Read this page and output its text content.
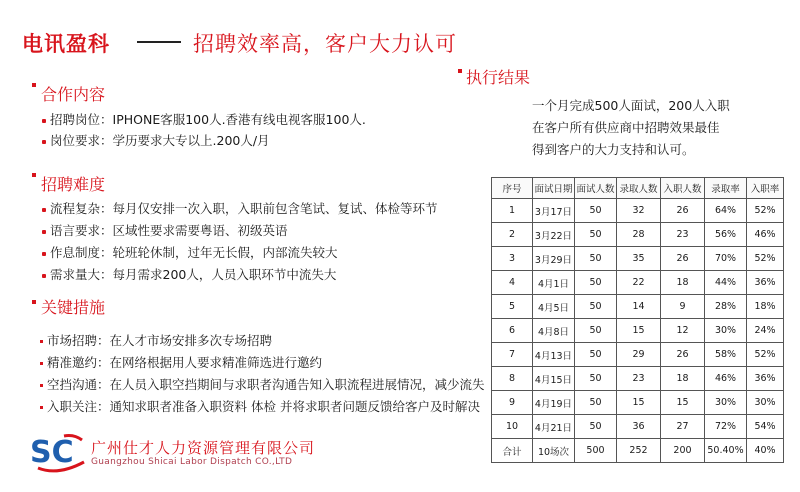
电讯盈科	招聘效率高，客户大力认可
合作内容
招聘岗位：IPHONE客服100人.香港有线电视客服100人.
岗位要求：学历要求大专以上.200人/月
招聘难度
流程复杂：每月仅安排一次入职，入职前包含笔试、复试、体检等环节
语言要求：区域性要求需要粤语、初级英语
作息制度：轮班轮休制，过年无长假，内部流失较大
需求量大：每月需求200人，人员入职环节中流失大
关键措施
市场招聘：在人才市场安排多次专场招聘
精准邀约：在网络根据用人要求精准筛选进行邀约
空挡沟通：在人员入职空挡期间与求职者沟通告知入职流程进展情况，减少流失
入职关注：通知求职者准备入职资料 体检 并将求职者问题反馈给客户及时解决
执行结果
一个月完成500人面试，200人入职
在客户所有供应商中招聘效果最佳
得到客户的大力支持和认可。
序号	面试日期	面试人数	录取人数	入职人数	录取率	入职率
1	3月17日	50	32	26	64%	52%
2	3月22日	50	28	23	56%	46%
3	3月29日	50	35	26	70%	52%
4	4月1日	50	22	18	44%	36%
5	4月5日	50	14	9	28%	18%
6	4月8日	50	15	12	30%	24%
7	4月13日	50	29	26	58%	52%
8	4月15日	50	23	18	46%	36%
9	4月19日	50	15	15	30%	30%
10	4月21日	50	36	27	72%	54%
合计	10场次	500	252	200	50.40%	40%
SC 广州仕才人力资源管理有限公司
Guangzhou Shicai Labor Dispatch CO.,LTD
